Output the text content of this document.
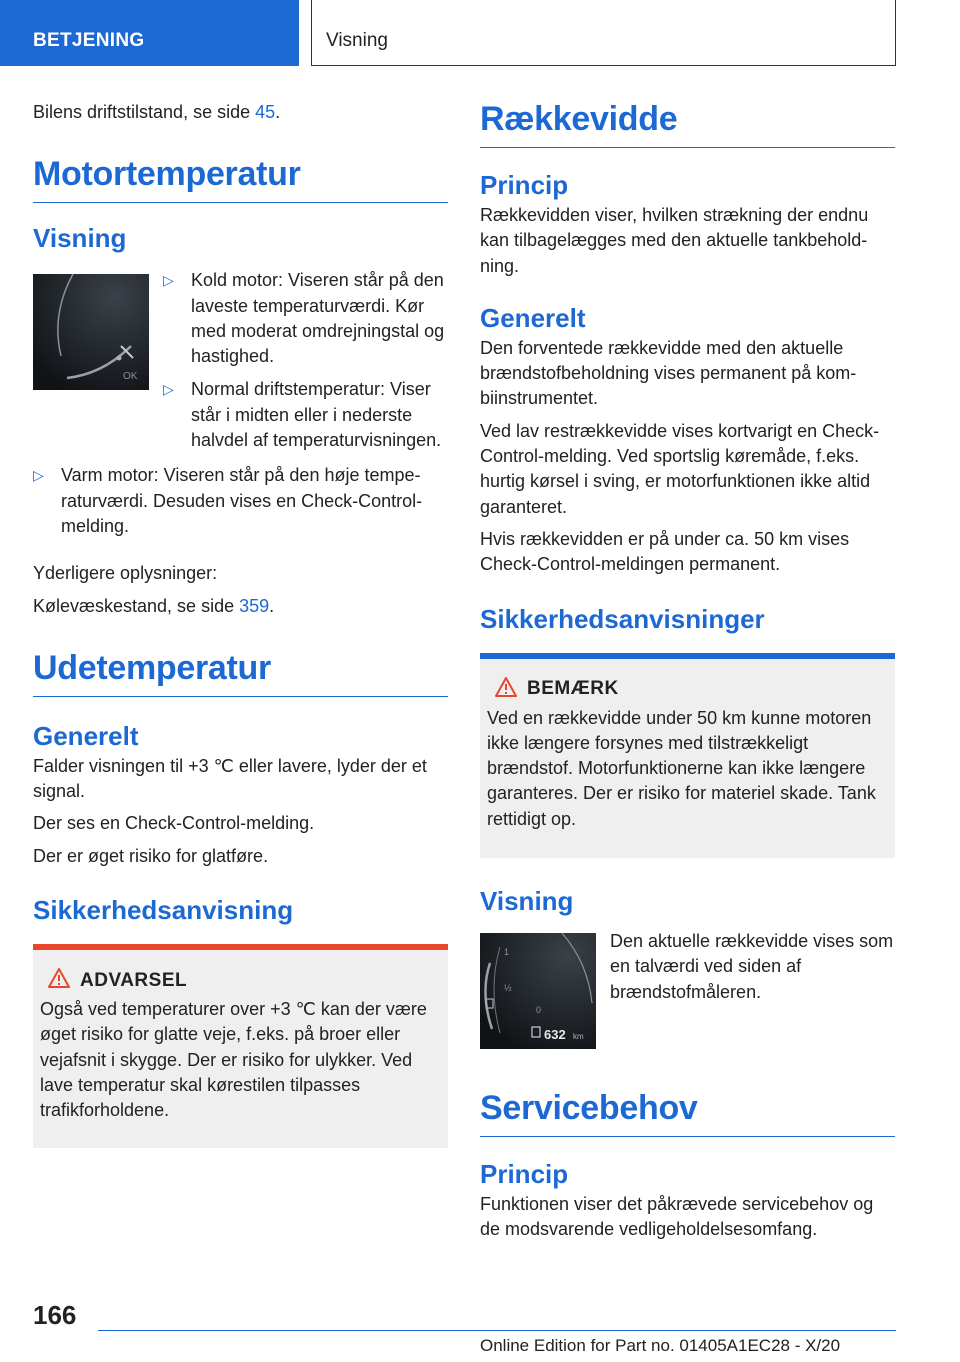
BETJENING	Visning

Bilens driftstilstand, se side 45.

Motortemperatur
Visning
OK
▷ Kold motor: Viseren står på den laveste temperaturværdi. Kør med moderat omdrejningstal og hastighed.
▷ Normal driftstemperatur: Viser står i midten eller i nederste halvdel af temperaturvisningen.
▷ Varm motor: Viseren står på den høje temperaturværdi. Desuden vises en Check-Control-melding.

Yderligere oplysninger:

Kølevæskestand, se side 359.

Udetemperatur
Generelt

Falder visningen til +3 ℃ eller lavere, lyder der et signal.

Der ses en Check-Control-melding.

Der er øget risiko for glatføre.

Sikkerhedsanvisning
ADVARSEL

Også ved temperaturer over +3 ℃ kan der være øget risiko for glatte veje, f.eks. på broer eller vejafsnit i skygge. Der er risiko for ulykker. Ved lave temperatur skal kørestilen tilpasses trafikforholdene.

Rækkevidde
Princip

Rækkevidden viser, hvilken strækning der endnu kan tilbagelægges med den aktuelle tankbeholdning.

Generelt

Den forventede rækkevidde med den aktuelle brændstofbeholdning vises permanent på kombiinstrumentet.

Ved lav restrækkevidde vises kortvarigt en Check-Control-melding. Ved sportslig køremåde, f.eks. hurtig kørsel i sving, er motorfunktionen ikke altid garanteret.

Hvis rækkevidden er på under ca. 50 km vises Check-Control-meldingen permanent.

Sikkerhedsanvisninger
BEMÆRK

Ved en rækkevidde under 50 km kunne motoren ikke længere forsynes med tilstrækkeligt brændstof. Motorfunktionerne kan ikke længere garanteres. Der er risiko for materiel skade. Tank rettidigt op.

Visning
1
½
0
632 km

Den aktuelle rækkevidde vises som en talværdi ved siden af brændstofmåleren.

Servicebehov
Princip

Funktionen viser det påkrævede servicebehov og de modsvarende vedligeholdelsesomfang.

166
Online Edition for Part no. 01405A1EC28 - X/20
